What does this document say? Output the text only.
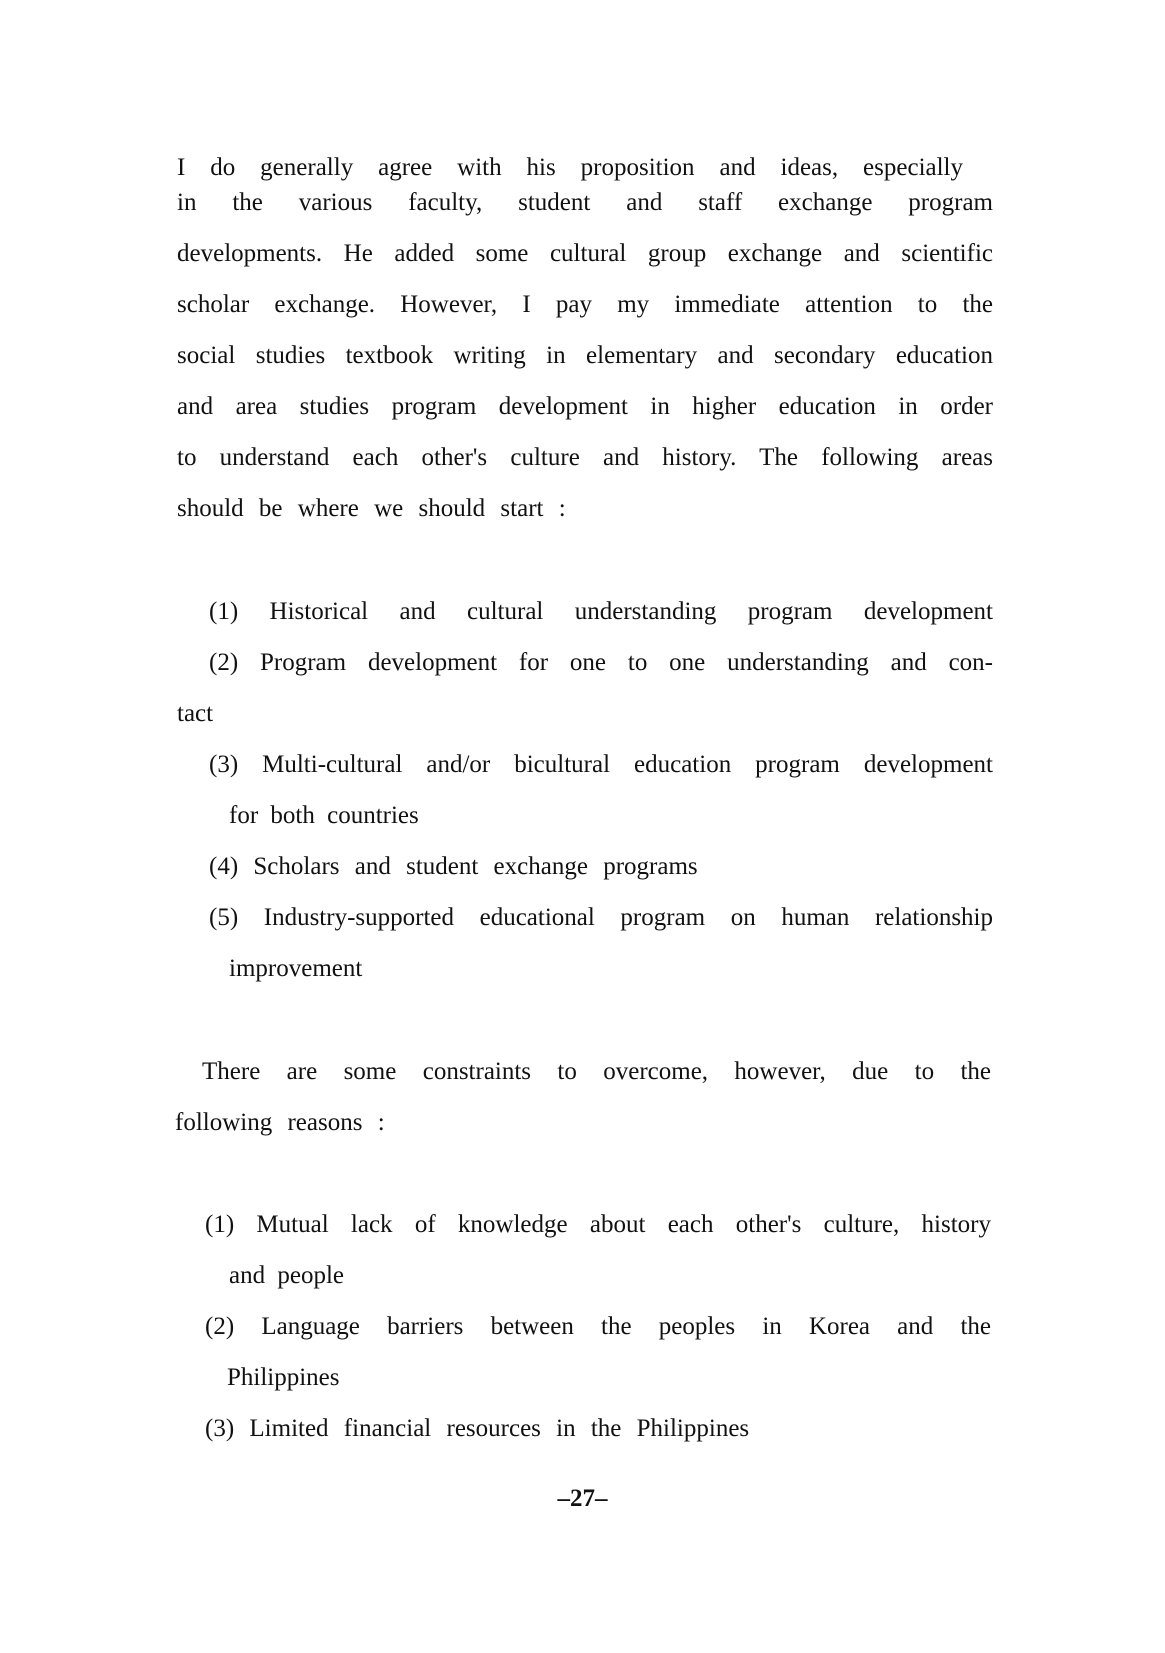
I do generally agree with his proposition and ideas, especially
in the various faculty, student and staff exchange program
developments. He added some cultural group exchange and scientific
scholar exchange. However, I pay my immediate attention to the
social studies textbook writing in elementary and secondary education
and area studies program development in higher education in order
to understand each other's culture and history. The following areas
should be where we should start :
(1) Historical and cultural understanding program development
(2) Program development for one to one understanding and con-
tact
(3) Multi-cultural and/or bicultural education program development
for both countries
(4) Scholars and student exchange programs
(5) Industry-supported educational program on human relationship
improvement
There are some constraints to overcome, however, due to the
following reasons :
(1) Mutual lack of knowledge about each other's culture, history
and people
(2) Language barriers between the peoples in Korea and the
Philippines
(3) Limited financial resources in the Philippines
–27–
